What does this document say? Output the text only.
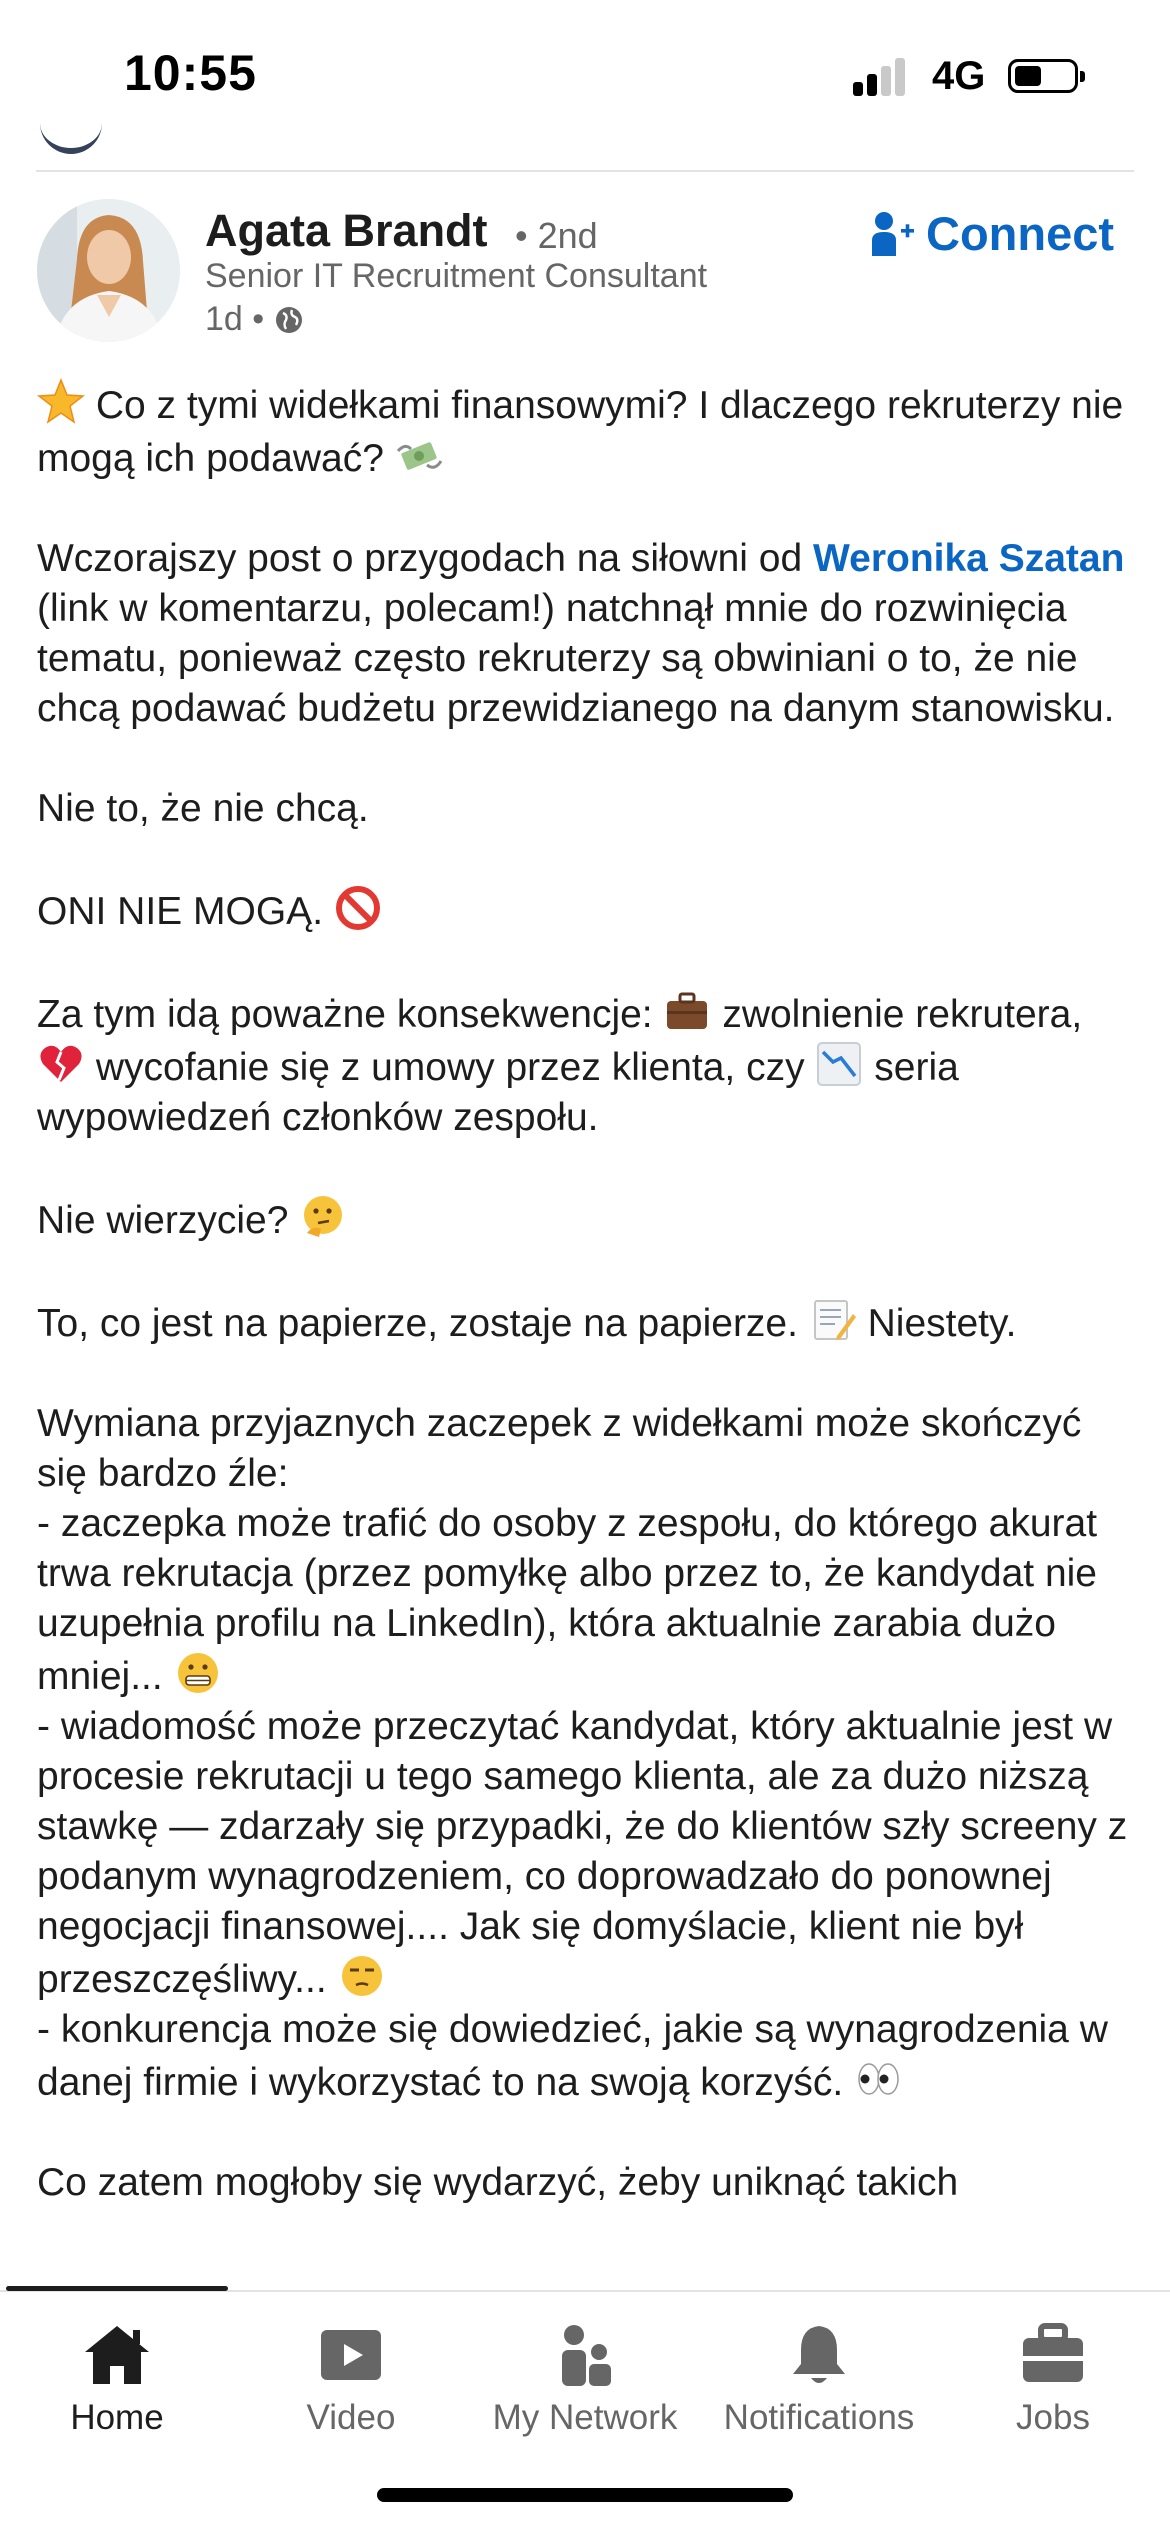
10:55	4G
Agata Brandt • 2nd
Senior IT Recruitment Consultant
1d •
Connect

Co z tymi widełkami finansowymi? I dlaczego rekruterzy nie mogą ich podawać?

Wczorajszy post o przygodach na siłowni od Weronika Szatan (link w komentarzu, polecam!) natchnął mnie do rozwinięcia tematu, ponieważ często rekruterzy są obwiniani o to, że nie chcą podawać budżetu przewidzianego na danym stanowisku.

Nie to, że nie chcą.

ONI NIE MOGĄ.

Za tym idą poważne konsekwencje:  zwolnienie rekrutera,  wycofanie się z umowy przez klienta, czy  seria wypowiedzeń członków zespołu.

Nie wierzycie?

To, co jest na papierze, zostaje na papierze.  Niestety.

Wymiana przyjaznych zaczepek z widełkami może skończyć się bardzo źle:

- zaczepka może trafić do osoby z zespołu, do którego akurat trwa rekrutacja (przez pomyłkę albo przez to, że kandydat nie uzupełnia profilu na LinkedIn), która aktualnie zarabia dużo mniej...

- wiadomość może przeczytać kandydat, który aktualnie jest w procesie rekrutacji u tego samego klienta, ale za dużo niższą stawkę — zdarzały się przypadki, że do klientów szły screeny z podanym wynagrodzeniem, co doprowadzało do ponownej negocjacji finansowej.... Jak się domyślacie, klient nie był przeszczęśliwy...

- konkurencja może się dowiedzieć, jakie są wynagrodzenia w danej firmie i wykorzystać to na swoją korzyść.

Co zatem mogłoby się wydarzyć, żeby uniknąć takich

Home	Video	My Network	Notifications	Jobs
